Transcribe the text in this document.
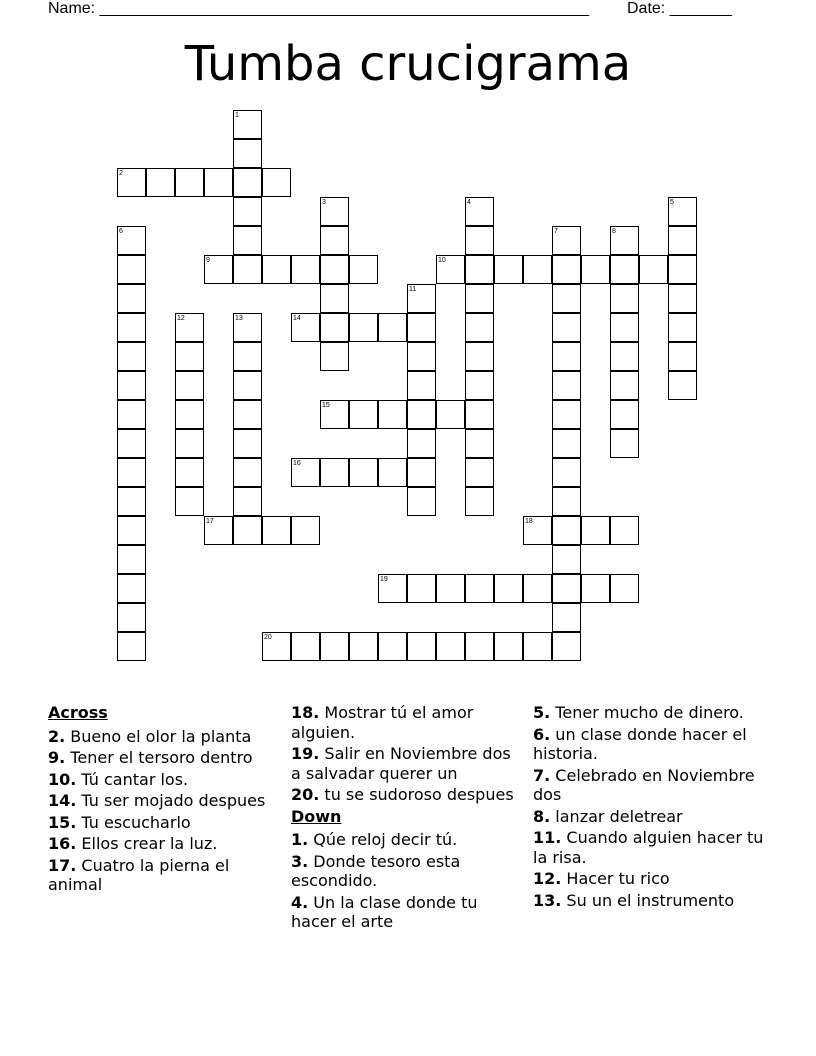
Name: _______________________________________________________ Date: _______
Tumba crucigrama
1
2
3	4	5
6	7	8
9	10
11
12	13	14
15
16
17	18
19
20
Across
2. Bueno el olor la planta
9. Tener el tersoro dentro
10. Tú cantar los.
14. Tu ser mojado despues
15. Tu escucharlo
16. Ellos crear la luz.
17. Cuatro la pierna el animal
18. Mostrar tú el amor alguien.
19. Salir en Noviembre dos a salvadar querer un
20. tu se sudoroso despues
Down
1. Qúe reloj decir tú.
3. Donde tesoro esta escondido.
4. Un la clase donde tu hacer el arte
5. Tener mucho de dinero.
6. un clase donde hacer el historia.
7. Celebrado en Noviembre dos
8. lanzar deletrear
11. Cuando alguien hacer tu la risa.
12. Hacer tu rico
13. Su un el instrumento
